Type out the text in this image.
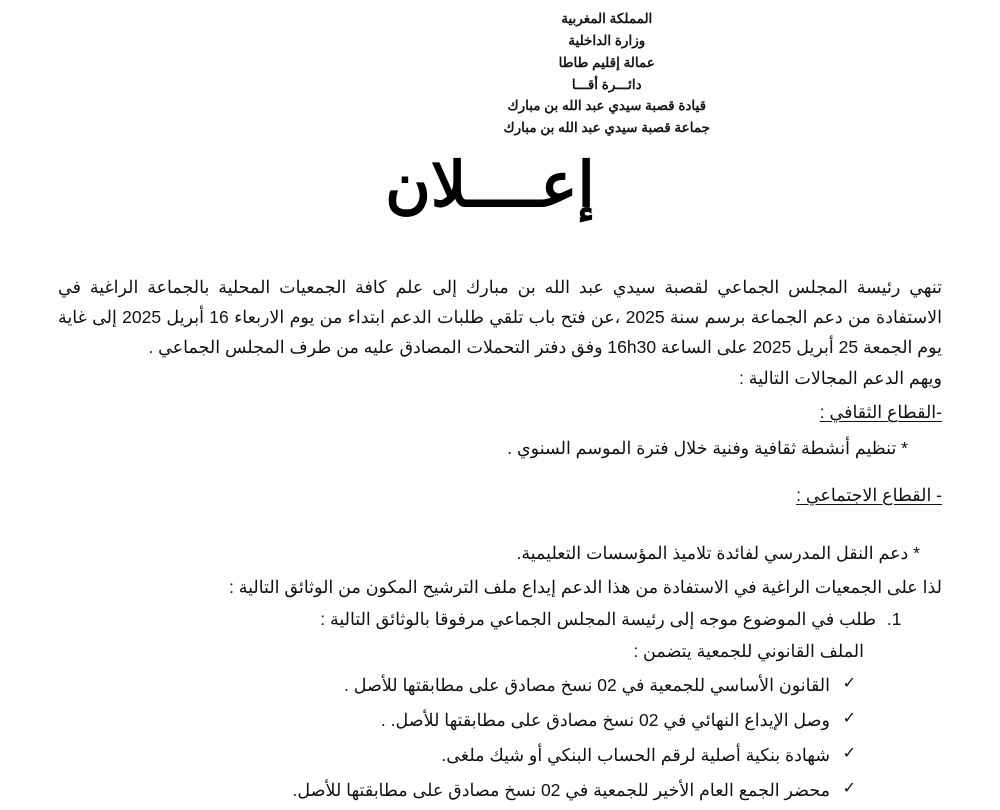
المملكة المغربية
وزارة الداخلية
عمالة إقليم طاطا
دائـــرة أقـــا
قيادة قصبة سيدي عبد الله بن مبارك
جماعة قصبة سيدي عبد الله بن مبارك
إعــــلان

تنهي رئيسة المجلس الجماعي لقصبة سيدي عبد الله بن مبارك إلى علم كافة الجمعيات المحلية بالجماعة الراغية في الاستفادة من دعم الجماعة برسم سنة 2025 ،عن فتح باب تلقي طلبات الدعم ابتداء من يوم الاربعاء 16 أبريل 2025 إلى غاية يوم الجمعة 25 أبريل 2025 على الساعة 16h30 وفق دفتر التحملات المصادق عليه من طرف المجلس الجماعي .

ويهم الدعم المجالات التالية :

-القطاع الثقافي :

* تنظيم أنشطة ثقافية وفنية خلال فترة الموسم السنوي .

- القطاع الاجتماعي :

* دعم النقل المدرسي لفائدة تلاميذ المؤسسات التعليمية.

لذا على الجمعيات الراغية في الاستفادة من هذا الدعم إيداع ملف الترشيح المكون من الوثائق التالية :

1. طلب في الموضوع موجه إلى رئيسة المجلس الجماعي مرفوقا بالوثائق التالية :

الملف القانوني للجمعية يتضمن :

✓
القانون الأساسي للجمعية في 02 نسخ مصادق على مطابقتها للأصل .
✓
وصل الإيداع النهائي في 02 نسخ مصادق على مطابقتها للأصل. .
✓
شهادة بنكية أصلية لرقم الحساب البنكي أو شيك ملغى.
✓
محضر الجمع العام الأخير للجمعية في 02 نسخ مصادق على مطابقتها للأصل.
